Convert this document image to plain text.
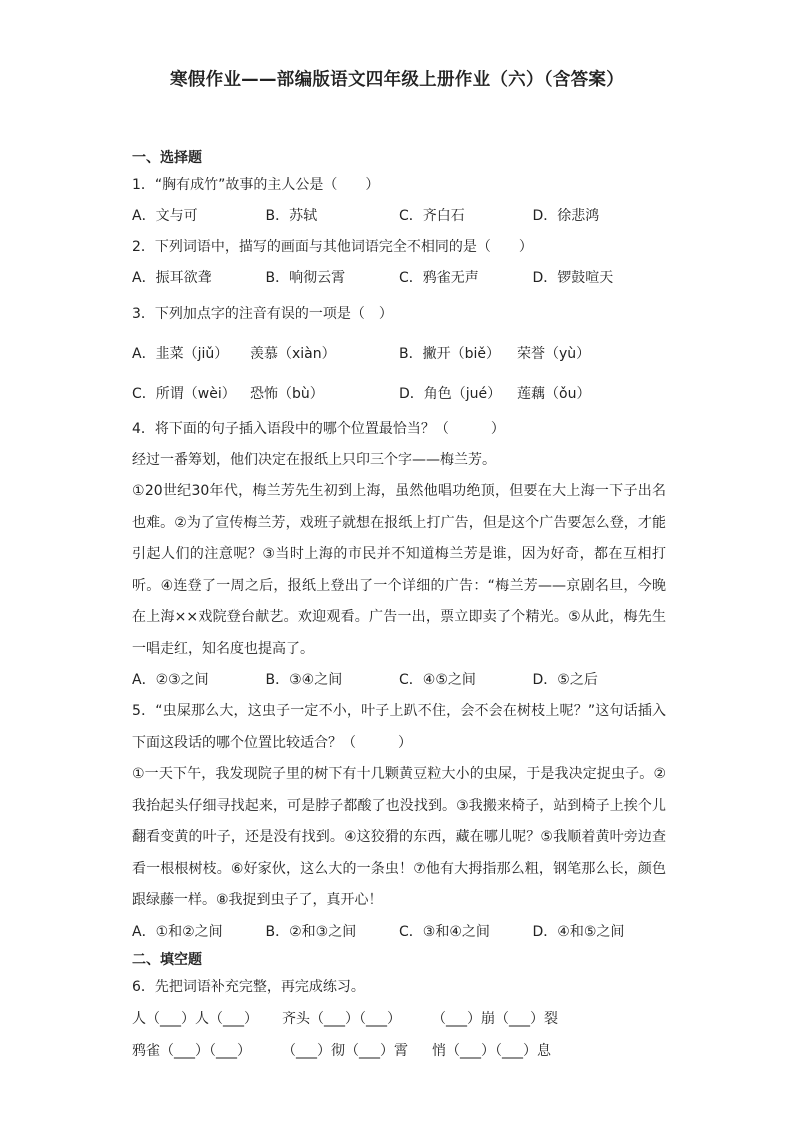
寒假作业——部编版语文四年级上册作业（六）（含答案）
一、选择题
1．“胸有成竹”故事的主人公是（　　）
A．文与可	B．苏轼	C．齐白石	D．徐悲鸿
2．下列词语中，描写的画面与其他词语完全不相同的是（　　）
A．振耳欲聋	B．响彻云霄	C．鸦雀无声	D．锣鼓喧天
3．下列加点字的注音有误的一项是（　）
A．韭菜（jiǔ）	羡慕（xiàn）	B．撇开（biě）	荣誉（yù）
C．所谓（wèi）	恐怖（bù）	D．角色（jué）	莲藕（ǒu）
4．将下面的句子插入语段中的哪个位置最恰当？（　　　）
经过一番筹划，他们决定在报纸上只印三个字——梅兰芳。

①20世纪30年代，梅兰芳先生初到上海，虽然他唱功绝顶，但要在大上海一下子出名也难。②为了宣传梅兰芳，戏班子就想在报纸上打广告，但是这个广告要怎么登，才能引起人们的注意呢？③当时上海的市民并不知道梅兰芳是谁，因为好奇，都在互相打听。④连登了一周之后，报纸上登出了一个详细的广告：“梅兰芳——京剧名旦，今晚在上海××戏院登台献艺。欢迎观看。广告一出，票立即卖了个精光。⑤从此，梅先生一唱走红，知名度也提高了。

A．②③之间	B．③④之间	C．④⑤之间	D．⑤之后
5．“虫屎那么大，这虫子一定不小，叶子上趴不住，会不会在树枝上呢？”这句话插入下面这段话的哪个位置比较适合？（　　　）

①一天下午，我发现院子里的树下有十几颗黄豆粒大小的虫屎，于是我决定捉虫子。②我抬起头仔细寻找起来，可是脖子都酸了也没找到。③我搬来椅子，站到椅子上挨个儿翻看变黄的叶子，还是没有找到。④这狡猾的东西，藏在哪儿呢？⑤我顺着黄叶旁边查看一根根树枝。⑥好家伙，这么大的一条虫！⑦他有大拇指那么粗，钢笔那么长，颜色跟绿藤一样。⑧我捉到虫子了，真开心！

A．①和②之间	B．②和③之间	C．③和④之间	D．④和⑤之间
二、填空题
6．先把词语补充完整，再完成练习。
人（___）人（___）	齐头（___）（___）	（___）崩（___）裂
鸦雀（___）（___）	（___）彻（___）霄	悄（___）（___）息
